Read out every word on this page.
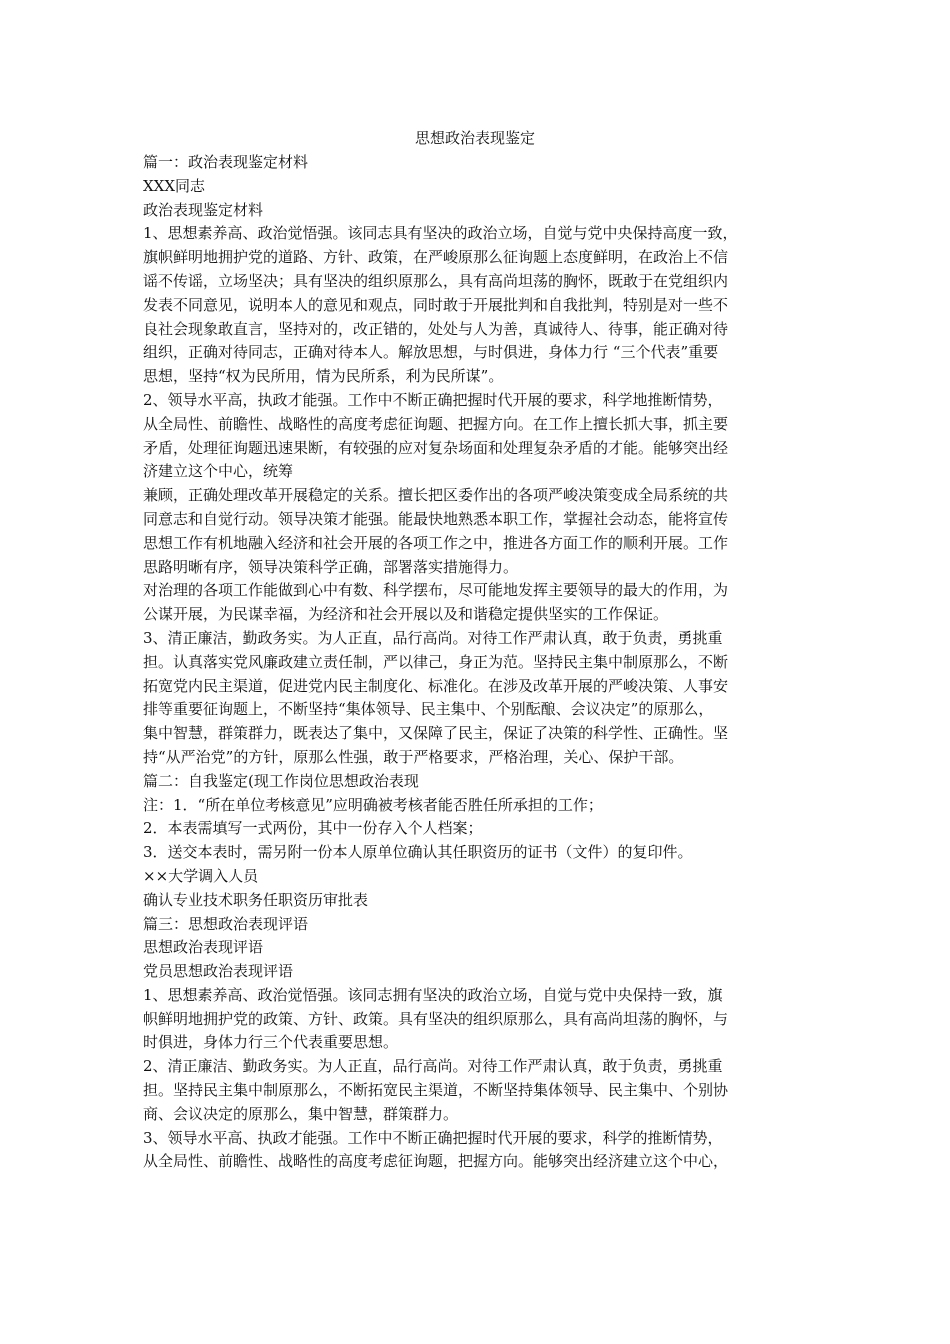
思想政治表现鉴定

篇一：政治表现鉴定材料

XXX同志

政治表现鉴定材料

1、思想素养高、政治觉悟强。该同志具有坚决的政治立场，自觉与党中央保持高度一致，

旗帜鲜明地拥护党的道路、方针、政策，在严峻原那么征询题上态度鲜明，在政治上不信

谣不传谣，立场坚决；具有坚决的组织原那么，具有高尚坦荡的胸怀，既敢于在党组织内

发表不同意见，说明本人的意见和观点，同时敢于开展批判和自我批判，特别是对一些不

良社会现象敢直言，坚持对的，改正错的，处处与人为善，真诚待人、待事，能正确对待

组织，正确对待同志，正确对待本人。解放思想，与时俱进，身体力行 “三个代表”重要

思想，坚持“权为民所用，情为民所系，利为民所谋”。

2、领导水平高，执政才能强。工作中不断正确把握时代开展的要求，科学地推断情势，

从全局性、前瞻性、战略性的高度考虑征询题、把握方向。在工作上擅长抓大事，抓主要

矛盾，处理征询题迅速果断，有较强的应对复杂场面和处理复杂矛盾的才能。能够突出经

济建立这个中心，统筹

兼顾，正确处理改革开展稳定的关系。擅长把区委作出的各项严峻决策变成全局系统的共

同意志和自觉行动。领导决策才能强。能最快地熟悉本职工作，掌握社会动态，能将宣传

思想工作有机地融入经济和社会开展的各项工作之中，推进各方面工作的顺利开展。工作

思路明晰有序，领导决策科学正确，部署落实措施得力。

对治理的各项工作能做到心中有数、科学摆布，尽可能地发挥主要领导的最大的作用，为

公谋开展，为民谋幸福，为经济和社会开展以及和谐稳定提供坚实的工作保证。

3、清正廉洁，勤政务实。为人正直，品行高尚。对待工作严肃认真，敢于负责，勇挑重

担。认真落实党风廉政建立责任制，严以律己，身正为范。坚持民主集中制原那么，不断

拓宽党内民主渠道，促进党内民主制度化、标准化。在涉及改革开展的严峻决策、人事安

排等重要征询题上，不断坚持“集体领导、民主集中、个别酝酿、会议决定”的原那么，

集中智慧，群策群力，既表达了集中，又保障了民主，保证了决策的科学性、正确性。坚

持“从严治党”的方针，原那么性强，敢于严格要求，严格治理，关心、保护干部。

篇二：自我鉴定(现工作岗位思想政治表现

注：1．“所在单位考核意见”应明确被考核者能否胜任所承担的工作；

2．本表需填写一式两份，其中一份存入个人档案；

3．送交本表时，需另附一份本人原单位确认其任职资历的证书（文件）的复印件。

××大学调入人员

确认专业技术职务任职资历审批表

篇三：思想政治表现评语

思想政治表现评语

党员思想政治表现评语

1、思想素养高、政治觉悟强。该同志拥有坚决的政治立场，自觉与党中央保持一致，旗

帜鲜明地拥护党的政策、方针、政策。具有坚决的组织原那么，具有高尚坦荡的胸怀，与

时俱进，身体力行三个代表重要思想。

2、清正廉洁、勤政务实。为人正直，品行高尚。对待工作严肃认真，敢于负责，勇挑重

担。坚持民主集中制原那么，不断拓宽民主渠道，不断坚持集体领导、民主集中、个别协

商、会议决定的原那么，集中智慧，群策群力。

3、领导水平高、执政才能强。工作中不断正确把握时代开展的要求，科学的推断情势，

从全局性、前瞻性、战略性的高度考虑征询题，把握方向。能够突出经济建立这个中心，
